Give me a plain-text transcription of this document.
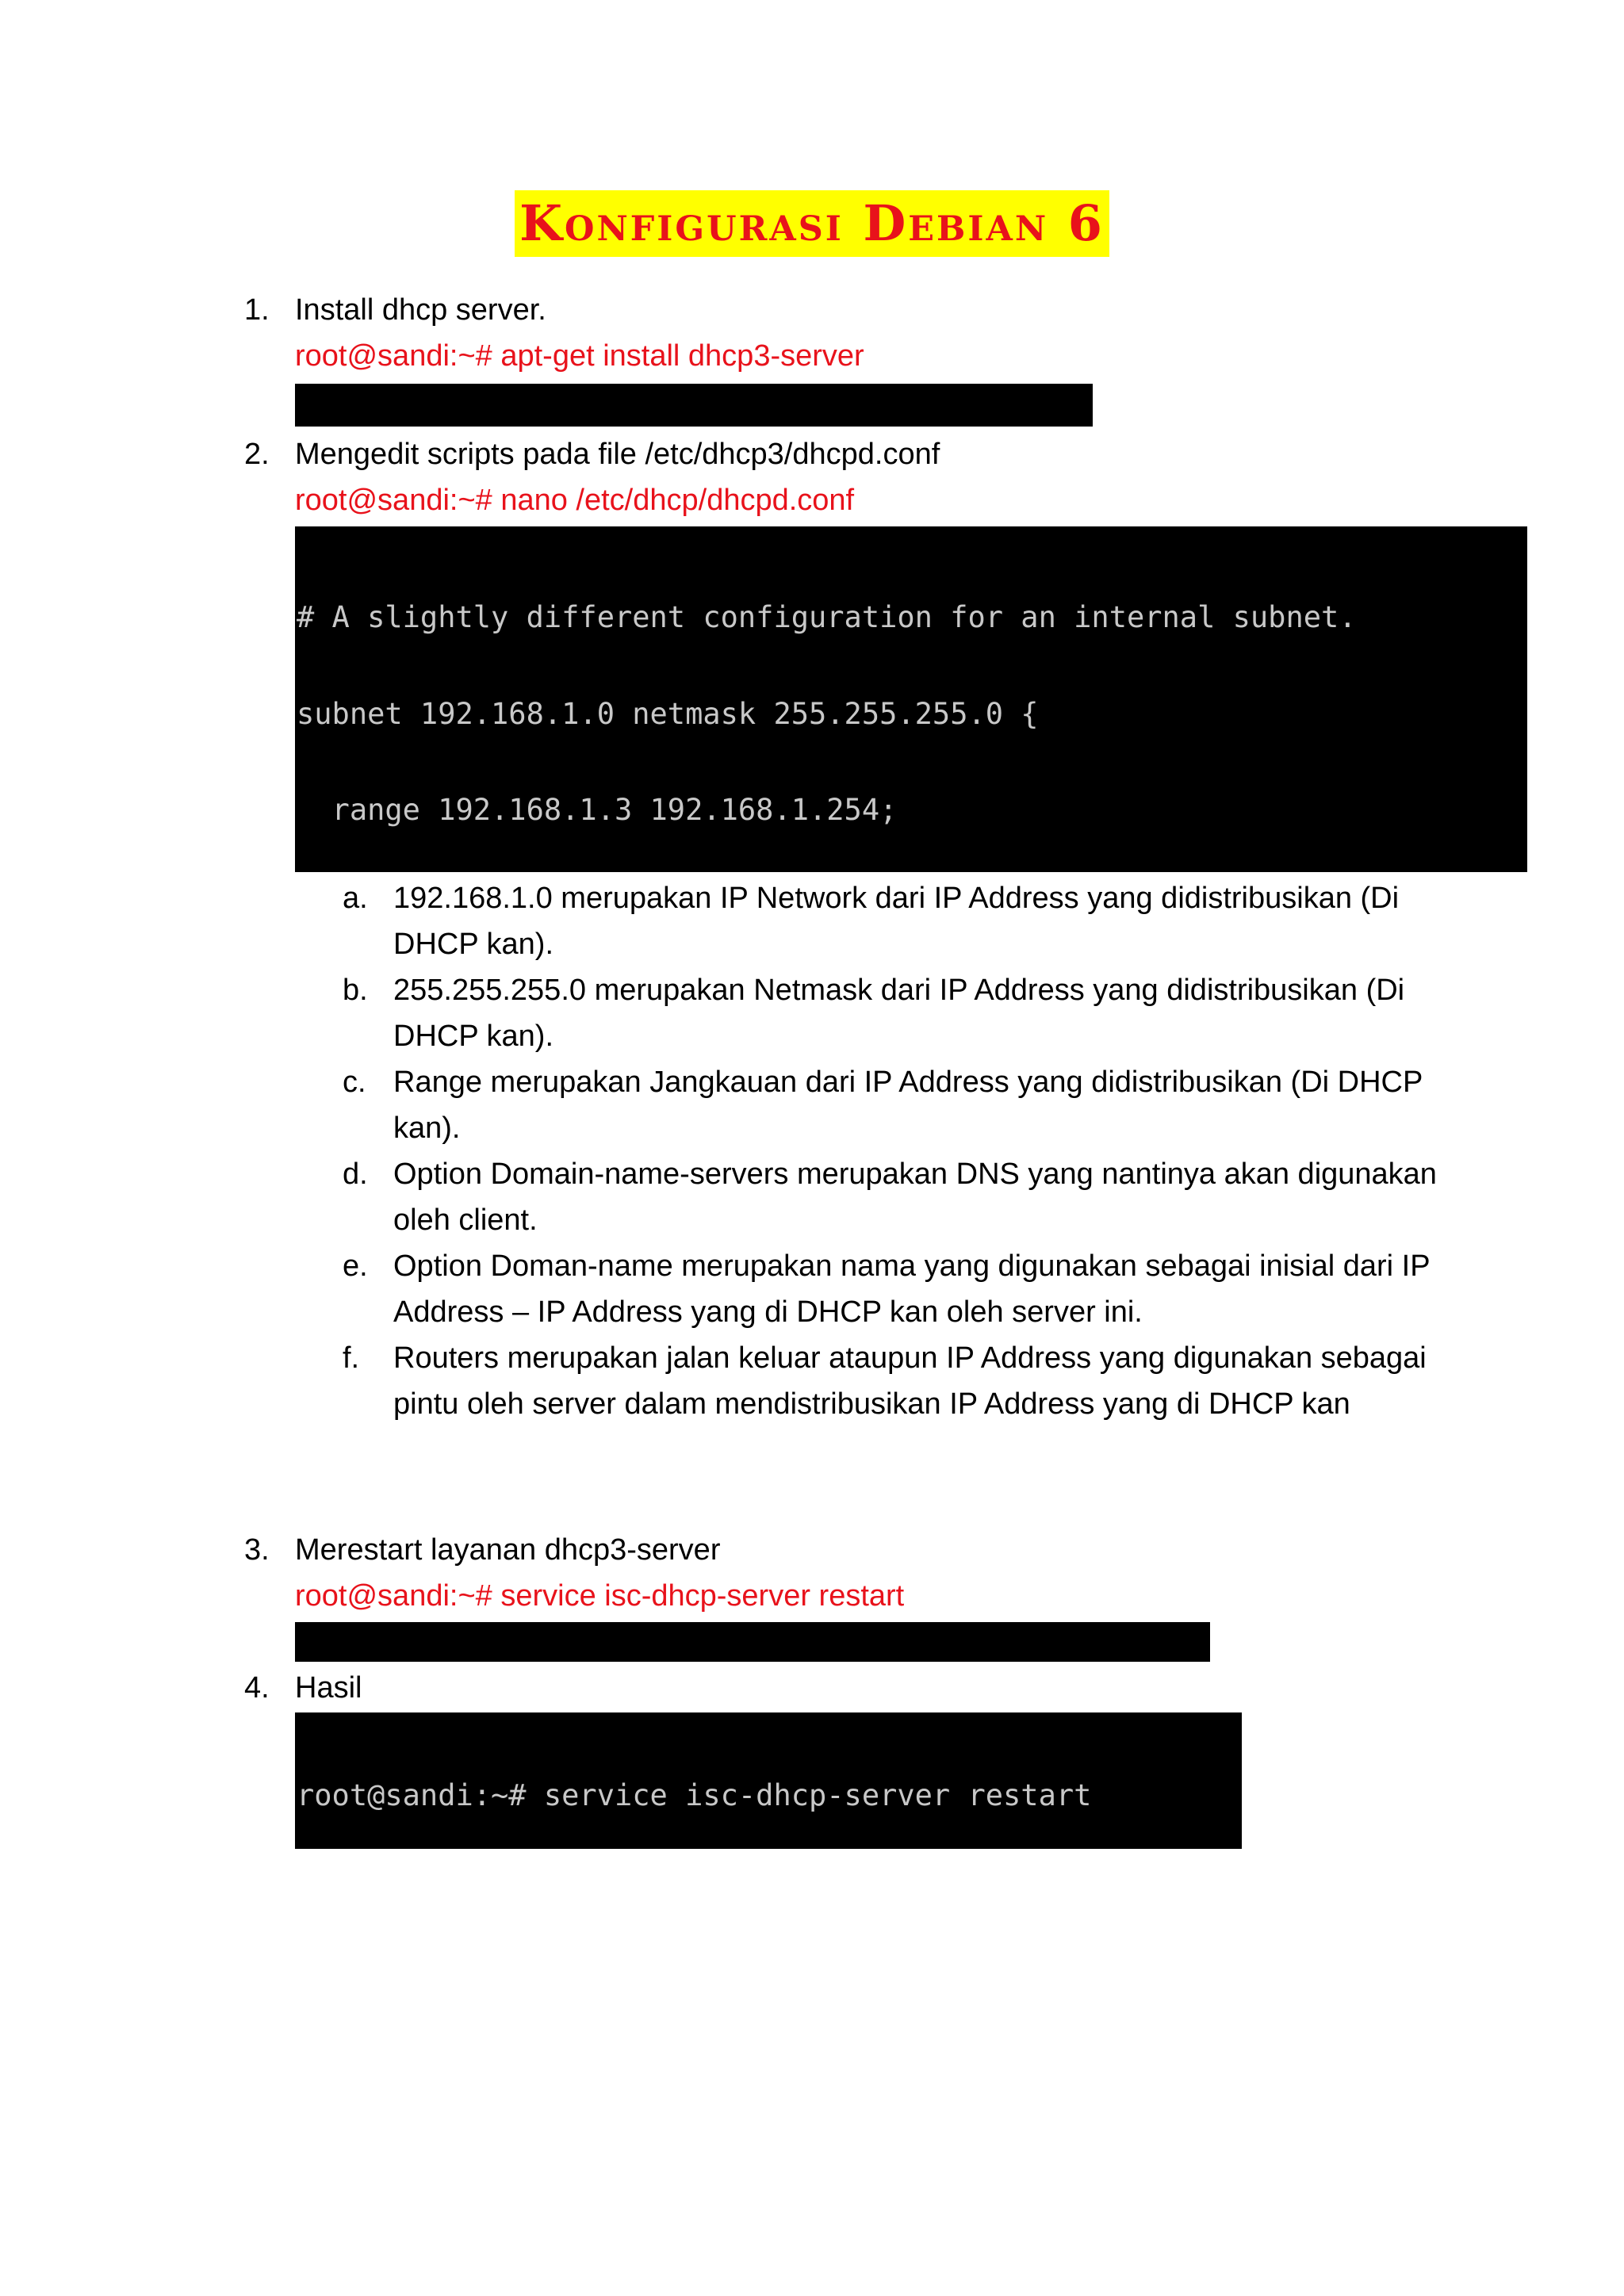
Konfigurasi Debian 6
1. Install dhcp server.
root@sandi:~# apt-get install dhcp3-server

2. Mengedit scripts pada file /etc/dhcp3/dhcpd.conf
root@sandi:~# nano /etc/dhcp/dhcpd.conf

# A slightly different configuration for an internal subnet.

subnet 192.168.1.0 netmask 255.255.255.0 {

range 192.168.1.3 192.168.1.254;

a. 192.168.1.0 merupakan IP Network dari IP Address yang didistribusikan (Di DHCP kan).
b. 255.255.255.0 merupakan Netmask dari IP Address yang didistribusikan (Di DHCP kan).
c. Range merupakan Jangkauan dari IP Address yang didistribusikan (Di DHCP kan).
d. Option Domain-name-servers merupakan DNS yang nantinya akan digunakan oleh client.
e. Option Doman-name merupakan nama yang digunakan sebagai inisial dari IP Address – IP Address yang di DHCP kan oleh server ini.
f. Routers merupakan jalan keluar ataupun IP Address yang digunakan sebagai pintu oleh server dalam mendistribusikan IP Address yang di DHCP kan
3. Merestart layanan dhcp3-server
root@sandi:~# service isc-dhcp-server restart

4. Hasil

root@sandi:~# service isc-dhcp-server restart
